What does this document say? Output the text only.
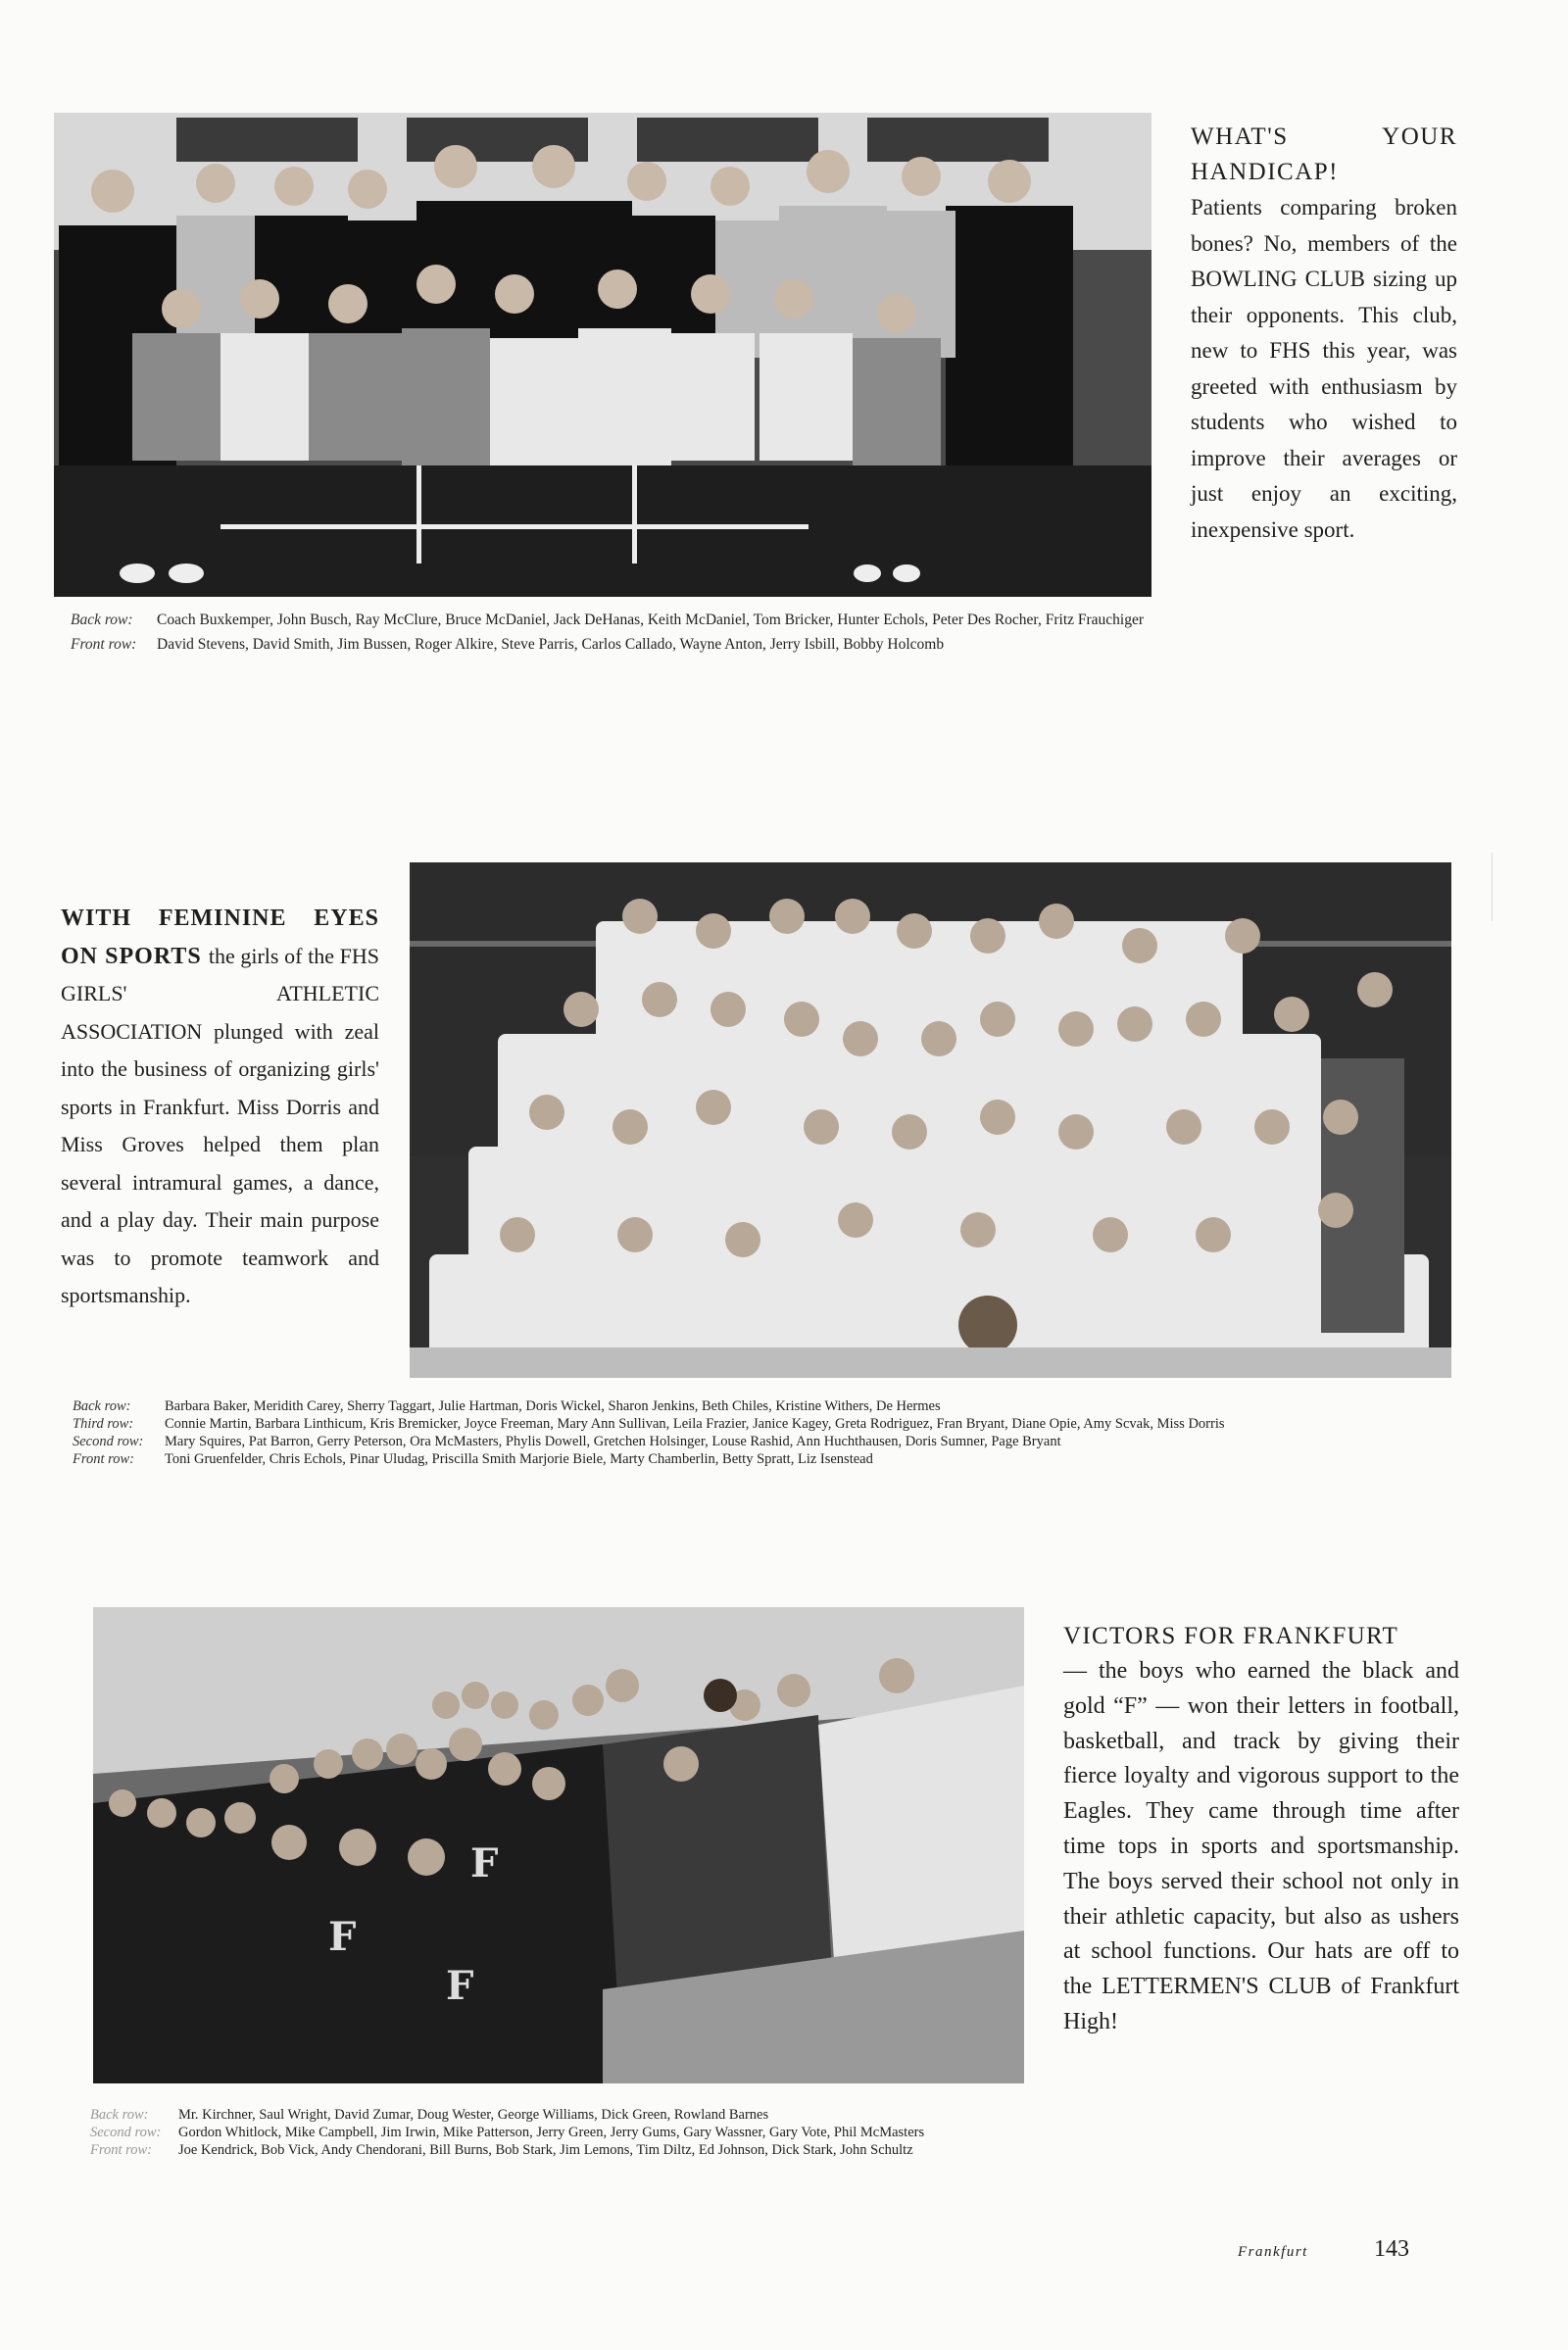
WHAT'S YOUR HANDICAP!
Patients comparing broken bones? No, members of the BOWLING CLUB sizing up their opponents. This club, new to FHS this year, was greeted with enthusiasm by students who wished to improve their averages or just enjoy an exciting, inexpensive sport.
Back row:	Coach Buxkemper, John Busch, Ray McClure, Bruce McDaniel, Jack DeHanas, Keith McDaniel, Tom Bricker, Hunter Echols, Peter Des Rocher, Fritz Frauchiger
Front row:	David Stevens, David Smith, Jim Bussen, Roger Alkire, Steve Parris, Carlos Callado, Wayne Anton, Jerry Isbill, Bobby Holcomb
WITH FEMININE EYES ON SPORTS the girls of the FHS GIRLS' ATHLETIC ASSOCIATION plunged with zeal into the business of organizing girls' sports in Frankfurt. Miss Dorris and Miss Groves helped them plan several intramural games, a dance, and a play day. Their main purpose was to promote teamwork and sportsmanship.
Back row:	Barbara Baker, Meridith Carey, Sherry Taggart, Julie Hartman, Doris Wickel, Sharon Jenkins, Beth Chiles, Kristine Withers, De Hermes
Third row:	Connie Martin, Barbara Linthicum, Kris Bremicker, Joyce Freeman, Mary Ann Sullivan, Leila Frazier, Janice Kagey, Greta Rodriguez, Fran Bryant, Diane Opie, Amy Scvak, Miss Dorris
Second row:	Mary Squires, Pat Barron, Gerry Peterson, Ora McMasters, Phylis Dowell, Gretchen Holsinger, Louse Rashid, Ann Huchthausen, Doris Sumner, Page Bryant
Front row:	Toni Gruenfelder, Chris Echols, Pinar Uludag, Priscilla Smith Marjorie Biele, Marty Chamberlin, Betty Spratt, Liz Isenstead
F
F
F
VICTORS FOR FRANKFURT
— the boys who earned the black and gold “F” — won their letters in football, basketball, and track by giving their fierce loyalty and vigorous support to the Eagles. They came through time after time tops in sports and sportsmanship. The boys served their school not only in their athletic capacity, but also as ushers at school functions. Our hats are off to the LETTERMEN'S CLUB of Frankfurt High!
Back row:	Mr. Kirchner, Saul Wright, David Zumar, Doug Wester, George Williams, Dick Green, Rowland Barnes
Second row:	Gordon Whitlock, Mike Campbell, Jim Irwin, Mike Patterson, Jerry Green, Jerry Gums, Gary Wassner, Gary Vote, Phil McMasters
Front row:	Joe Kendrick, Bob Vick, Andy Chendorani, Bill Burns, Bob Stark, Jim Lemons, Tim Diltz, Ed Johnson, Dick Stark, John Schultz
Frankfurt	143
